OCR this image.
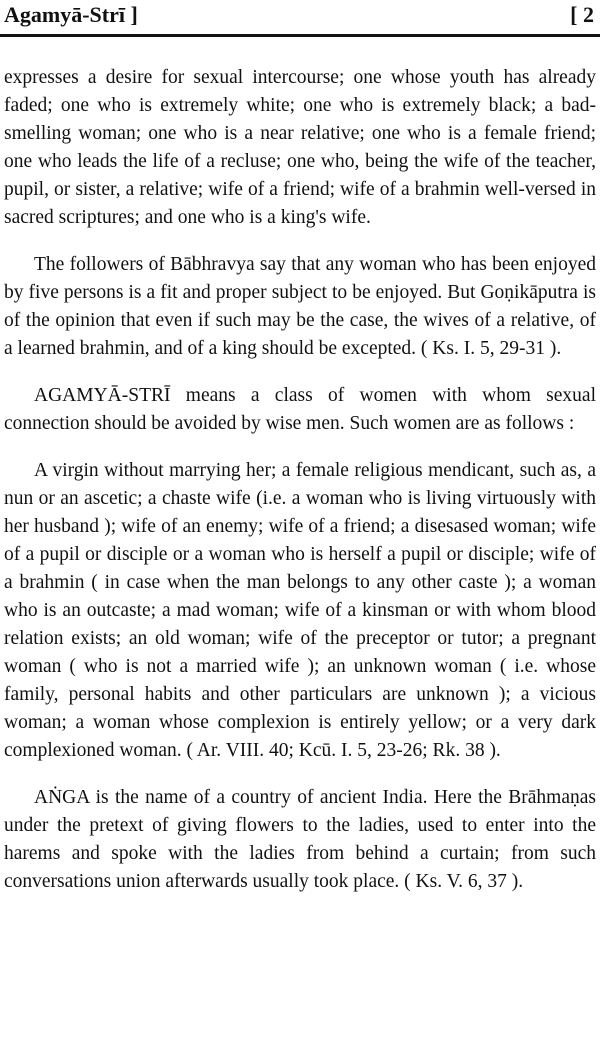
Agamyā-Strī ]	[ 2

expresses a desire for sexual intercourse; one whose youth has already faded; one who is extremely white; one who is extremely black; a bad-smelling woman; one who is a near relative; one who is a female friend; one who leads the life of a recluse; one who, being the wife of the teacher, pupil, or sister, a relative; wife of a friend; wife of a brahmin well-versed in sacred scriptures; and one who is a king's wife.

The followers of Bābhravya say that any woman who has been enjoyed by five persons is a fit and proper subject to be enjoyed. But Goṇikāputra is of the opinion that even if such may be the case, the wives of a relative, of a learned brahmin, and of a king should be excepted. ( Ks. I. 5, 29-31 ).

AGAMYĀ-STRĪ means a class of women with whom sexual connection should be avoided by wise men. Such women are as follows :

A virgin without marrying her; a female religious mendicant, such as, a nun or an ascetic; a chaste wife (i.e. a woman who is living virtuously with her husband ); wife of an enemy; wife of a friend; a disesased woman; wife of a pupil or disciple or a woman who is herself a pupil or disciple; wife of a brahmin ( in case when the man belongs to any other caste ); a woman who is an outcaste; a mad woman; wife of a kinsman or with whom blood relation exists; an old woman; wife of the preceptor or tutor; a pregnant woman ( who is not a married wife ); an unknown woman ( i.e. whose family, personal habits and other particulars are unknown ); a vicious woman; a woman whose complexion is entirely yellow; or a very dark complexioned woman. ( Ar. VIII. 40; Kcū. I. 5, 23-26; Rk. 38 ).

AṄGA is the name of a country of ancient India. Here the Brāhmaṇas under the pretext of giving flowers to the ladies, used to enter into the harems and spoke with the ladies from behind a curtain; from such conversations union afterwards usually took place. ( Ks. V. 6, 37 ).
